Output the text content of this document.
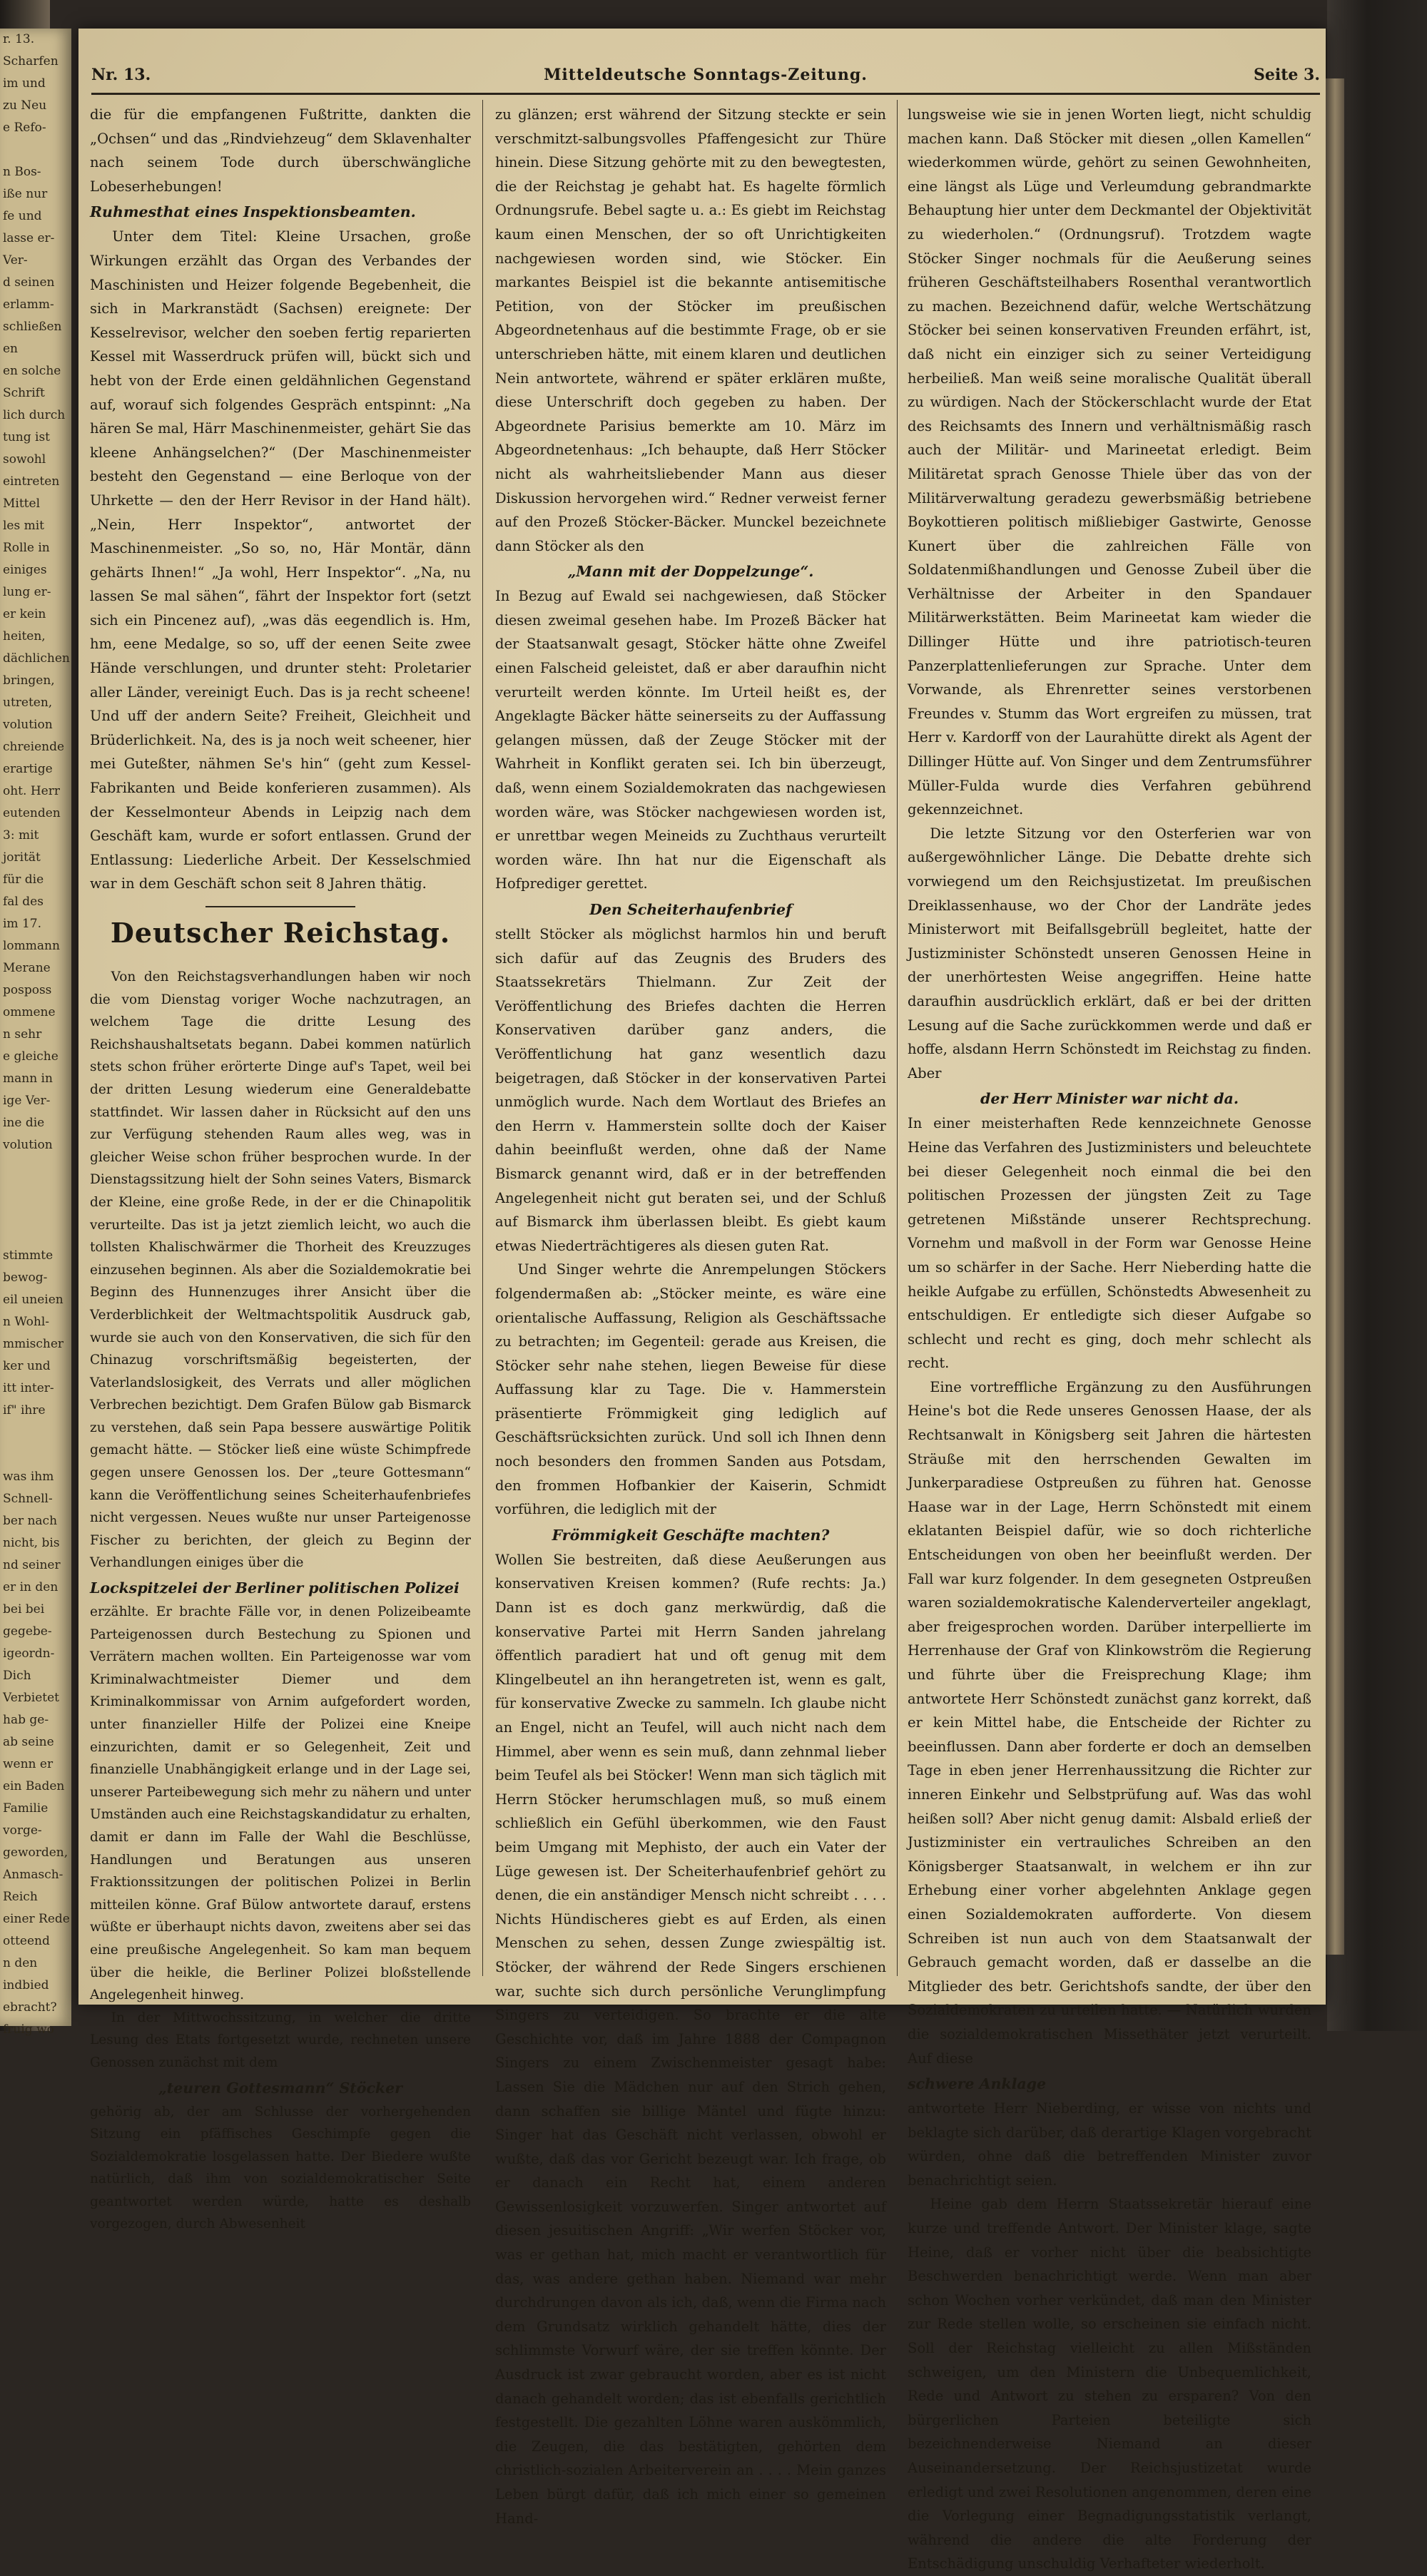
r. 13.
Scharfen
im und
zu Neu
e Refo-

n Bos-
iße nur
fe und
lasse er-
Ver-
d seinen
erlamm-
schließen
en
en solche
Schrift
lich durch
tung ist
sowohl
eintreten
Mittel
les mit
Rolle in
einiges
lung er-
er kein
heiten,
dächlichen
bringen,
utreten,
volution
chreiende
erartige
oht. Herr
eutenden
3: mit
jorität
für die
fal des
im 17.
lommann
Merane
posposs
ommene
n sehr
e gleiche
mann in
ige Ver-
ine die
volution

stimmte
bewog-
eil uneien
n Wohl-
mmischer
ker und
itt inter-
if" ihre

was ihm
Schnell-
ber nach
nicht, bis
nd seiner
er in den
bei bei
gegebe-
igeordn-
Dich
Verbietet
hab ge-
ab seine
wenn er
ein Baden
Familie
vorge-
geworden,
Anmasch-
Reich
einer Rede
otteend
n den
indbied
ebracht?
fruig wo
Mitteldeutsche Sonntags-Zeitung.
Nr. 13.	Seite 3.

die für die empfangenen Fußtritte, dankten die „Ochsen“ und das „Rindviehzeug“ dem Sklavenhalter nach seinem Tode durch überschwängliche Lobeserhebungen!

Ruhmesthat eines Inspektionsbeamten.

Unter dem Titel: Kleine Ursachen, große Wirkungen erzählt das Organ des Verbandes der Maschinisten und Heizer folgende Begebenheit, die sich in Markranstädt (Sachsen) ereignete: Der Kesselrevisor, welcher den soeben fertig reparierten Kessel mit Wasserdruck prüfen will, bückt sich und hebt von der Erde einen geldähnlichen Gegenstand auf, worauf sich folgendes Gespräch entspinnt: „Na hären Se mal, Härr Maschinenmeister, gehärt Sie das kleene Anhängselchen?“ (Der Maschinenmeister besteht den Gegenstand — eine Berloque von der Uhrkette — den der Herr Revisor in der Hand hält). „Nein, Herr Inspektor“, antwortet der Maschinenmeister. „So so, no, Här Montär, dänn gehärts Ihnen!“ „Ja wohl, Herr Inspektor“. „Na, nu lassen Se mal sähen“, fährt der Inspektor fort (setzt sich ein Pincenez auf), „was däs eegendlich is. Hm, hm, eene Medalge, so so, uff der eenen Seite zwee Hände verschlungen, und drunter steht: Proletarier aller Länder, vereinigt Euch. Das is ja recht scheene! Und uff der andern Seite? Freiheit, Gleichheit und Brüderlichkeit. Na, des is ja noch weit scheener, hier mei Guteßter, nähmen Se's hin“ (geht zum Kessel-Fabrikanten und Beide konferieren zusammen). Als der Kesselmonteur Abends in Leipzig nach dem Geschäft kam, wurde er sofort entlassen. Grund der Entlassung: Liederliche Arbeit. Der Kesselschmied war in dem Geschäft schon seit 8 Jahren thätig.

Deutscher Reichstag.

Von den Reichstagsverhandlungen haben wir noch die vom Dienstag voriger Woche nachzutragen, an welchem Tage die dritte Lesung des Reichshaushaltsetats begann. Dabei kommen natürlich stets schon früher erörterte Dinge auf's Tapet, weil bei der dritten Lesung wiederum eine Generaldebatte stattfindet. Wir lassen daher in Rücksicht auf den uns zur Verfügung stehenden Raum alles weg, was in gleicher Weise schon früher besprochen wurde. In der Dienstagssitzung hielt der Sohn seines Vaters, Bismarck der Kleine, eine große Rede, in der er die Chinapolitik verurteilte. Das ist ja jetzt ziemlich leicht, wo auch die tollsten Khalischwärmer die Thorheit des Kreuzzuges einzusehen beginnen. Als aber die Sozialdemokratie bei Beginn des Hunnenzuges ihrer Ansicht über die Verderblichkeit der Weltmachtspolitik Ausdruck gab, wurde sie auch von den Konservativen, die sich für den Chinazug vorschriftsmäßig begeisterten, der Vaterlandslosigkeit, des Verrats und aller möglichen Verbrechen bezichtigt. Dem Grafen Bülow gab Bismarck zu verstehen, daß sein Papa bessere auswärtige Politik gemacht hätte. — Stöcker ließ eine wüste Schimpfrede gegen unsere Genossen los. Der „teure Gottesmann“ kann die Veröffentlichung seines Scheiterhaufenbriefes nicht vergessen. Neues wußte nur unser Parteigenosse Fischer zu berichten, der gleich zu Beginn der Verhandlungen einiges über die

Lockspitzelei der Berliner politischen Polizei

erzählte. Er brachte Fälle vor, in denen Polizeibeamte Parteigenossen durch Bestechung zu Spionen und Verrätern machen wollten. Ein Parteigenosse war vom Kriminalwachtmeister Diemer und dem Kriminalkommissar von Arnim aufgefordert worden, unter finanzieller Hilfe der Polizei eine Kneipe einzurichten, damit er so Gelegenheit, Zeit und finanzielle Unabhängigkeit erlange und in der Lage sei, unserer Parteibewegung sich mehr zu nähern und unter Umständen auch eine Reichstagskandidatur zu erhalten, damit er dann im Falle der Wahl die Beschlüsse, Handlungen und Beratungen aus unseren Fraktionssitzungen der politischen Polizei in Berlin mitteilen könne. Graf Bülow antwortete darauf, erstens wüßte er überhaupt nichts davon, zweitens aber sei das eine preußische Angelegenheit. So kam man bequem über die heikle, die Berliner Polizei bloßstellende Angelegenheit hinweg.

In der Mittwochssitzung, in welcher die dritte Lesung des Etats fortgesetzt wurde, rechneten unsere Genossen zunächst mit dem

„teuren Gottesmann“ Stöcker

gehörig ab, der am Schlusse der vorhergehenden Sitzung ein pfäffisches Geschimpfe gegen die Sozialdemokratie losgelassen hatte. Der Biedere wußte natürlich, daß ihm von sozialdemokratischer Seite geantwortet werden würde, hatte es deshalb vorgezogen, durch Abwesenheit

zu glänzen; erst während der Sitzung steckte er sein verschmitzt-salbungsvolles Pfaffengesicht zur Thüre hinein. Diese Sitzung gehörte mit zu den bewegtesten, die der Reichstag je gehabt hat. Es hagelte förmlich Ordnungsrufe. Bebel sagte u. a.: Es giebt im Reichstag kaum einen Menschen, der so oft Unrichtigkeiten nachgewiesen worden sind, wie Stöcker. Ein markantes Beispiel ist die bekannte antisemitische Petition, von der Stöcker im preußischen Abgeordnetenhaus auf die bestimmte Frage, ob er sie unterschrieben hätte, mit einem klaren und deutlichen Nein antwortete, während er später erklären mußte, diese Unterschrift doch gegeben zu haben. Der Abgeordnete Parisius bemerkte am 10. März im Abgeordnetenhaus: „Ich behaupte, daß Herr Stöcker nicht als wahrheitsliebender Mann aus dieser Diskussion hervorgehen wird.“ Redner verweist ferner auf den Prozeß Stöcker-Bäcker. Munckel bezeichnete dann Stöcker als den

„Mann mit der Doppelzunge“.

In Bezug auf Ewald sei nachgewiesen, daß Stöcker diesen zweimal gesehen habe. Im Prozeß Bäcker hat der Staatsanwalt gesagt, Stöcker hätte ohne Zweifel einen Falscheid geleistet, daß er aber daraufhin nicht verurteilt werden könnte. Im Urteil heißt es, der Angeklagte Bäcker hätte seinerseits zu der Auffassung gelangen müssen, daß der Zeuge Stöcker mit der Wahrheit in Konflikt geraten sei. Ich bin überzeugt, daß, wenn einem Sozialdemokraten das nachgewiesen worden wäre, was Stöcker nachgewiesen worden ist, er unrettbar wegen Meineids zu Zuchthaus verurteilt worden wäre. Ihn hat nur die Eigenschaft als Hofprediger gerettet.

Den Scheiterhaufenbrief

stellt Stöcker als möglichst harmlos hin und beruft sich dafür auf das Zeugnis des Bruders des Staatssekretärs Thielmann. Zur Zeit der Veröffentlichung des Briefes dachten die Herren Konservativen darüber ganz anders, die Veröffentlichung hat ganz wesentlich dazu beigetragen, daß Stöcker in der konservativen Partei unmöglich wurde. Nach dem Wortlaut des Briefes an den Herrn v. Hammerstein sollte doch der Kaiser dahin beeinflußt werden, ohne daß der Name Bismarck genannt wird, daß er in der betreffenden Angelegenheit nicht gut beraten sei, und der Schluß auf Bismarck ihm überlassen bleibt. Es giebt kaum etwas Niederträchtigeres als diesen guten Rat.

Und Singer wehrte die Anrempelungen Stöckers folgendermaßen ab: „Stöcker meinte, es wäre eine orientalische Auffassung, Religion als Geschäftssache zu betrachten; im Gegenteil: gerade aus Kreisen, die Stöcker sehr nahe stehen, liegen Beweise für diese Auffassung klar zu Tage. Die v. Hammerstein präsentierte Frömmigkeit ging lediglich auf Geschäftsrücksichten zurück. Und soll ich Ihnen denn noch besonders den frommen Sanden aus Potsdam, den frommen Hofbankier der Kaiserin, Schmidt vorführen, die lediglich mit der

Frömmigkeit Geschäfte machten?

Wollen Sie bestreiten, daß diese Aeußerungen aus konservativen Kreisen kommen? (Rufe rechts: Ja.) Dann ist es doch ganz merkwürdig, daß die konservative Partei mit Herrn Sanden jahrelang öffentlich paradiert hat und oft genug mit dem Klingelbeutel an ihn herangetreten ist, wenn es galt, für konservative Zwecke zu sammeln. Ich glaube nicht an Engel, nicht an Teufel, will auch nicht nach dem Himmel, aber wenn es sein muß, dann zehnmal lieber beim Teufel als bei Stöcker! Wenn man sich täglich mit Herrn Stöcker herumschlagen muß, so muß einem schließlich ein Gefühl überkommen, wie den Faust beim Umgang mit Mephisto, der auch ein Vater der Lüge gewesen ist. Der Scheiterhaufenbrief gehört zu denen, die ein anständiger Mensch nicht schreibt . . . . Nichts Hündischeres giebt es auf Erden, als einen Menschen zu sehen, dessen Zunge zwiespältig ist. Stöcker, der während der Rede Singers erschienen war, suchte sich durch persönliche Verunglimpfung Singers zu verteidigen. So brachte er die alte Geschichte vor, daß im Jahre 1888 der Compagnon Singers zu einem Zwischenmeister gesagt habe: Lassen Sie die Mädchen nur auf den Strich gehen, dann schaffen sie billige Mäntel und fügte hinzu: Singer hat das Geschäft nicht verlassen, obwohl er wußte, daß das vor Gericht bezeugt war. Ich frage, ob er danach ein Recht hat, einem anderen Gewissenlosigkeit vorzuwerfen. Singer antwortet auf diesen jesuitischen Angriff: „Wir werfen Stöcker vor, was er gethan hat, mich macht er verantwortlich für das, was andere gethan haben. Niemand war mehr durchdrungen davon als ich, daß, wenn die Firma nach dem Grundsatz wirklich gehandelt hätte, dies der schlimmste Vorwurf wäre, der sie treffen könnte. Der Ausdruck ist zwar gebraucht worden, aber es ist nicht danach gehandelt worden; das ist ebenfalls gerichtlich festgestellt. Die gezahlten Löhne waren auskömmlich, die Zeugen, die das bestätigten, gehörten dem christlich-sozialen Arbeiterverein an . . . . Mein ganzes Leben bürgt dafür, daß ich mich einer so gemeinen Hand-

lungsweise wie sie in jenen Worten liegt, nicht schuldig machen kann. Daß Stöcker mit diesen „ollen Kamellen“ wiederkommen würde, gehört zu seinen Gewohnheiten, eine längst als Lüge und Verleumdung gebrandmarkte Behauptung hier unter dem Deckmantel der Objektivität zu wiederholen.“ (Ordnungsruf). Trotzdem wagte Stöcker Singer nochmals für die Aeußerung seines früheren Geschäftsteilhabers Rosenthal verantwortlich zu machen. Bezeichnend dafür, welche Wertschätzung Stöcker bei seinen konservativen Freunden erfährt, ist, daß nicht ein einziger sich zu seiner Verteidigung herbeiließ. Man weiß seine moralische Qualität überall zu würdigen. Nach der Stöckerschlacht wurde der Etat des Reichsamts des Innern und verhältnismäßig rasch auch der Militär- und Marineetat erledigt. Beim Militäretat sprach Genosse Thiele über das von der Militärverwaltung geradezu gewerbsmäßig betriebene Boykottieren politisch mißliebiger Gastwirte, Genosse Kunert über die zahlreichen Fälle von Soldatenmißhandlungen und Genosse Zubeil über die Verhältnisse der Arbeiter in den Spandauer Militärwerkstätten. Beim Marineetat kam wieder die Dillinger Hütte und ihre patriotisch-teuren Panzerplattenlieferungen zur Sprache. Unter dem Vorwande, als Ehrenretter seines verstorbenen Freundes v. Stumm das Wort ergreifen zu müssen, trat Herr v. Kardorff von der Laurahütte direkt als Agent der Dillinger Hütte auf. Von Singer und dem Zentrumsführer Müller-Fulda wurde dies Verfahren gebührend gekennzeichnet.

Die letzte Sitzung vor den Osterferien war von außergewöhnlicher Länge. Die Debatte drehte sich vorwiegend um den Reichsjustizetat. Im preußischen Dreiklassenhause, wo der Chor der Landräte jedes Ministerwort mit Beifallsgebrüll begleitet, hatte der Justizminister Schönstedt unseren Genossen Heine in der unerhörtesten Weise angegriffen. Heine hatte daraufhin ausdrücklich erklärt, daß er bei der dritten Lesung auf die Sache zurückkommen werde und daß er hoffe, alsdann Herrn Schönstedt im Reichstag zu finden. Aber

der Herr Minister war nicht da.

In einer meisterhaften Rede kennzeichnete Genosse Heine das Verfahren des Justizministers und beleuchtete bei dieser Gelegenheit noch einmal die bei den politischen Prozessen der jüngsten Zeit zu Tage getretenen Mißstände unserer Rechtsprechung. Vornehm und maßvoll in der Form war Genosse Heine um so schärfer in der Sache. Herr Nieberding hatte die heikle Aufgabe zu erfüllen, Schönstedts Abwesenheit zu entschuldigen. Er entledigte sich dieser Aufgabe so schlecht und recht es ging, doch mehr schlecht als recht.

Eine vortreffliche Ergänzung zu den Ausführungen Heine's bot die Rede unseres Genossen Haase, der als Rechtsanwalt in Königsberg seit Jahren die härtesten Sträuße mit den herrschenden Gewalten im Junkerparadiese Ostpreußen zu führen hat. Genosse Haase war in der Lage, Herrn Schönstedt mit einem eklatanten Beispiel dafür, wie so doch richterliche Entscheidungen von oben her beeinflußt werden. Der Fall war kurz folgender. In dem gesegneten Ostpreußen waren sozialdemokratische Kalenderverteiler angeklagt, aber freigesprochen worden. Darüber interpellierte im Herrenhause der Graf von Klinkowström die Regierung und führte über die Freisprechung Klage; ihm antwortete Herr Schönstedt zunächst ganz korrekt, daß er kein Mittel habe, die Entscheide der Richter zu beeinflussen. Dann aber forderte er doch an demselben Tage in eben jener Herrenhaussitzung die Richter zur inneren Einkehr und Selbstprüfung auf. Was das wohl heißen soll? Aber nicht genug damit: Alsbald erließ der Justizminister ein vertrauliches Schreiben an den Königsberger Staatsanwalt, in welchem er ihn zur Erhebung einer vorher abgelehnten Anklage gegen einen Sozialdemokraten aufforderte. Von diesem Schreiben ist nun auch von dem Staatsanwalt der Gebrauch gemacht worden, daß er dasselbe an die Mitglieder des betr. Gerichtshofs sandte, der über den Sozialdemokraten zu urteilen hatte. — Natürlich wurden die sozialdemokratischen Missethäter jetzt verurteilt. Auf diese

schwere Anklage

antwortete Herr Nieberding, er wisse von nichts und beklagte sich darüber, daß derartige Klagen vorgebracht würden, ohne daß die betreffenden Minister zuvor benachrichtigt seien.

Heine gab dem Herrn Staatssekretär hierauf eine kurze und treffende Antwort. Der Minister klage, sagte Heine, daß er vorher nicht über die beabsichtigte Beschwerden benachrichtigt werde. Wenn man aber schon Wochen vorher verkündet, daß man den Minister zur Rede stellen wolle, so erscheinen sie einfach nicht. Soll der Reichstag vielleicht zu allen Mißständen schweigen, um den Ministern die Unbequemlichkeit, Rede und Antwort zu stehen zu ersparen? Von den bürgerlichen Parteien beteiligte sich bezeichnenderweise Niemand an dieser Auseinandersetzung. Der Reichsjustizetat wurde erledigt und zwei Resolutionen angenommen, deren eine die Vorlegung einer Begnadigungsstatistik verlangt, während die andere die alte Forderung der Entschädigung unschuldig Verhafteter wiederholt.
